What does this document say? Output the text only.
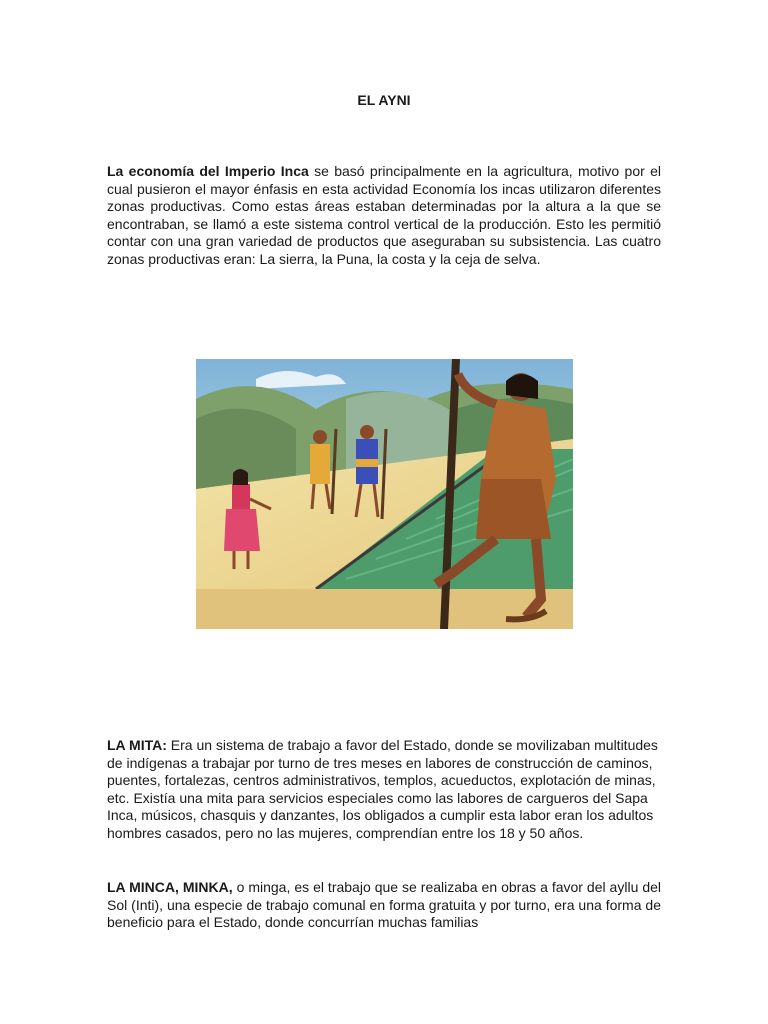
EL AYNI

La economía del Imperio Inca se basó principalmente en la agricultura, motivo por el cual pusieron el mayor énfasis en esta actividad Economía los incas utilizaron diferentes zonas productivas. Como estas áreas estaban determinadas por la altura a la que se encontraban, se llamó a este sistema control vertical de la producción. Esto les permitió contar con una gran variedad de productos que aseguraban su subsistencia. Las cuatro zonas productivas eran: La sierra, la Puna, la costa y la ceja de selva.

LA MITA: Era un sistema de trabajo a favor del Estado, donde se movilizaban multitudes de indígenas a trabajar por turno de tres meses en labores de construcción de caminos, puentes, fortalezas, centros administrativos, templos, acueductos, explotación de minas, etc. Existía una mita para servicios especiales como las labores de cargueros del Sapa Inca, músicos, chasquis y danzantes, los obligados a cumplir esta labor eran los adultos hombres casados, pero no las mujeres, comprendían entre los 18 y 50 años.

LA MINCA, MINKA, o minga, es el trabajo que se realizaba en obras a favor del ayllu del Sol (Inti), una especie de trabajo comunal en forma gratuita y por turno, era una forma de beneficio para el Estado, donde concurrían muchas familias
